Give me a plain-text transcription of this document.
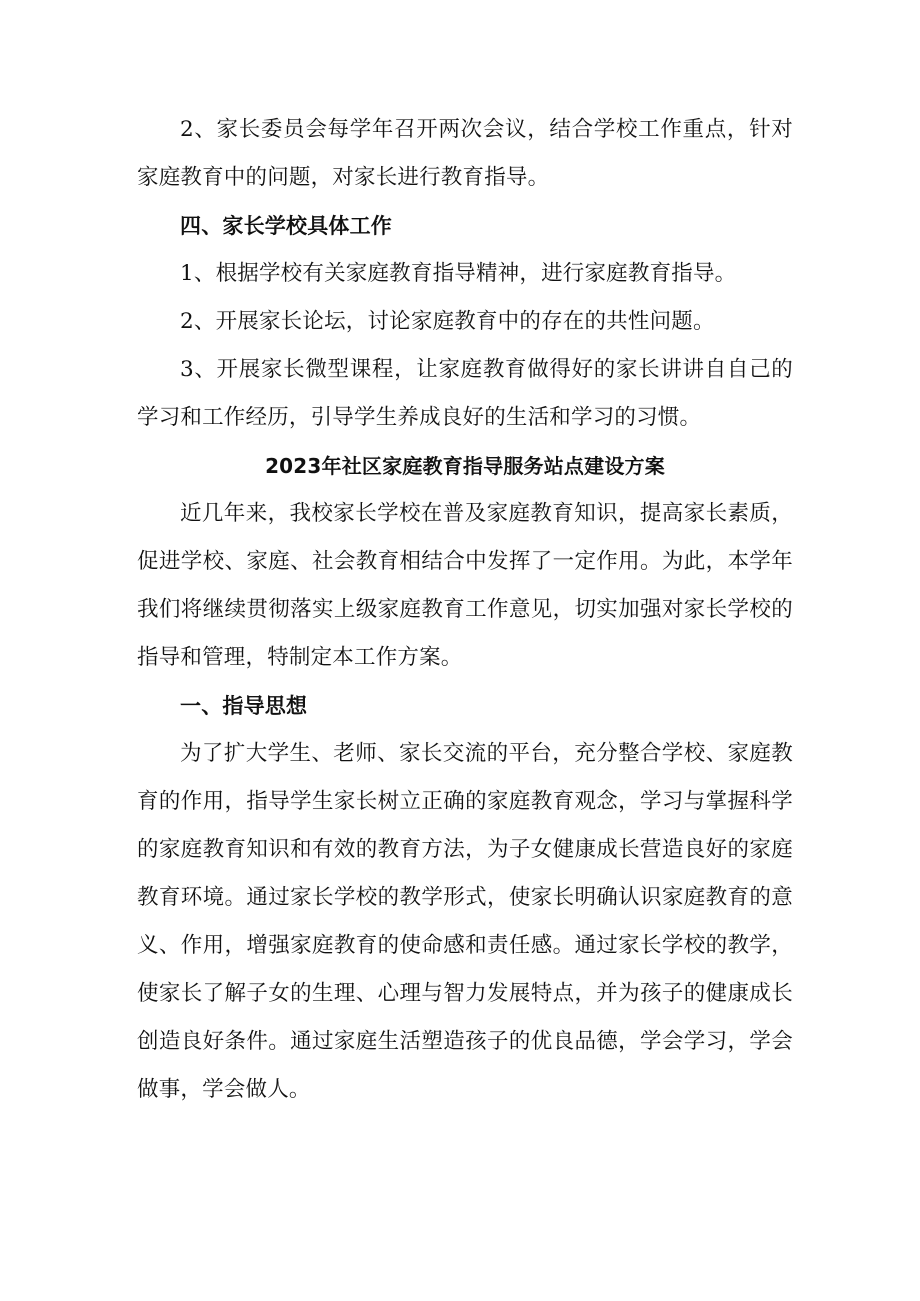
2、家长委员会每学年召开两次会议，结合学校工作重点，针对家庭教育中的问题，对家长进行教育指导。

四、家长学校具体工作

1、根据学校有关家庭教育指导精神，进行家庭教育指导。

2、开展家长论坛，讨论家庭教育中的存在的共性问题。

3、开展家长微型课程，让家庭教育做得好的家长讲讲自自己的学习和工作经历，引导学生养成良好的生活和学习的习惯。

2023年社区家庭教育指导服务站点建设方案

近几年来，我校家长学校在普及家庭教育知识，提高家长素质，促进学校、家庭、社会教育相结合中发挥了一定作用。为此，本学年我们将继续贯彻落实上级家庭教育工作意见，切实加强对家长学校的指导和管理，特制定本工作方案。

一、指导思想

为了扩大学生、老师、家长交流的平台，充分整合学校、家庭教育的作用，指导学生家长树立正确的家庭教育观念，学习与掌握科学的家庭教育知识和有效的教育方法，为子女健康成长营造良好的家庭教育环境。通过家长学校的教学形式，使家长明确认识家庭教育的意义、作用，增强家庭教育的使命感和责任感。通过家长学校的教学，使家长了解子女的生理、心理与智力发展特点，并为孩子的健康成长创造良好条件。通过家庭生活塑造孩子的优良品德，学会学习，学会做事，学会做人。
